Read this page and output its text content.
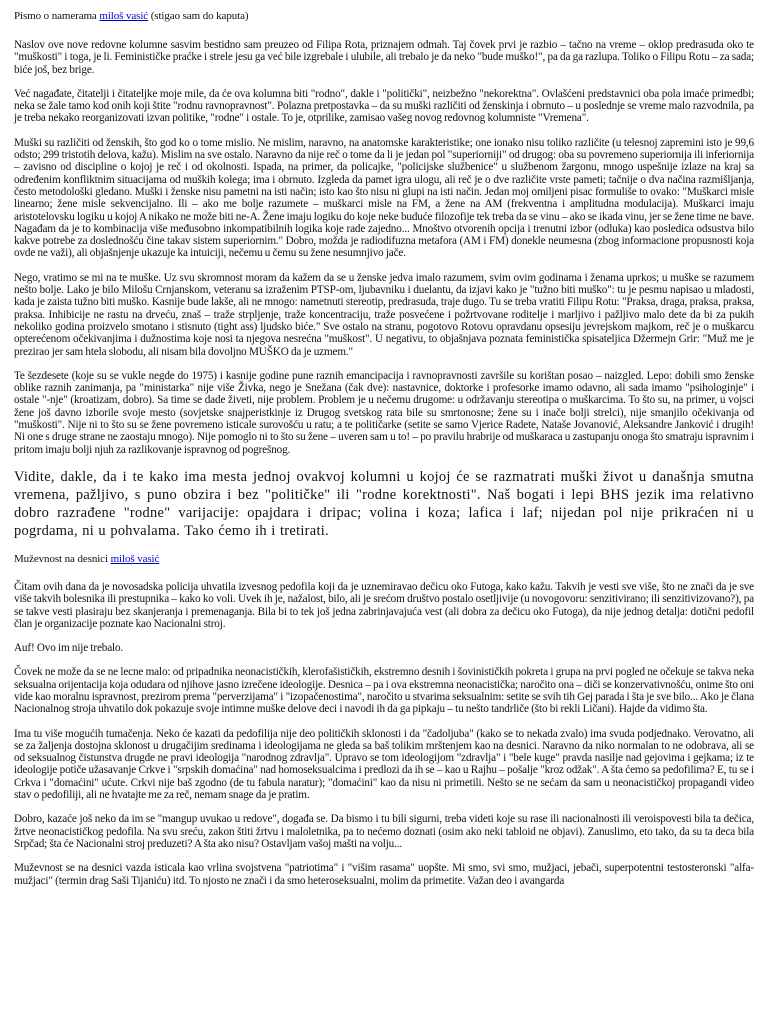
Pismo o namerama miloš vasić (stigao sam do kaputa)

Naslov ove nove redovne kolumne sasvim bestidno sam preuzeo od Filipa Rota, priznajem odmah. Taj čovek prvi je razbio – tačno na vreme – oklop predrasuda oko te "muškosti" i toga, je li. Feminističke praćke i strele jesu ga već bile izgrebale i ulubile, ali trebalo je da neko "bude muško!", pa da ga razlupa. Toliko o Filipu Rotu – za sada; biće još, bez brige.

Već nagađate, čitatelji i čitateljke moje mile, da će ova kolumna biti "rodno", dakle i "politički", neizbežno "nekorektna". Ovlašćeni predstavnici oba pola imaće primedbi; neka se žale tamo kod onih koji štite "rodnu ravnopravnost". Polazna pretpostavka – da su muški različiti od ženskinja i obrnuto – u poslednje se vreme malo razvodnila, pa je treba nekako reorganizovati izvan politike, "rodne" i ostale. To je, otprilike, zamisao vašeg novog redovnog kolumniste "Vremena".

Muški su različiti od ženskih, što god ko o tome mislio. Ne mislim, naravno, na anatomske karakteristike; one ionako nisu toliko različite (u telesnoj zapremini isto je 99,6 odsto; 299 tristotih delova, kažu). Mislim na sve ostalo. Naravno da nije reč o tome da li je jedan pol "superiorniji" od drugog: oba su povremeno superiornija ili inferiornija – zavisno od discipline o kojoj je reč i od okolnosti. Ispada, na primer, da policajke, "policijske službenice" u službenom žargonu, mnogo uspešnije izlaze na kraj sa određenim konfliktnim situacijama od muških kolega; ima i obrnuto. Izgleda da pamet igra ulogu, ali reč je o dve različite vrste pameti; tačnije o dva načina razmišljanja, često metodološki gledano. Muški i ženske nisu pametni na isti način; isto kao što nisu ni glupi na isti način. Jedan moj omiljeni pisac formuliše to ovako: "Muškarci misle linearno; žene misle sekvencijalno. Ili – ako me bolje razumete – muškarci misle na FM, a žene na AM (frekventna i amplitudna modulacija). Muškarci imaju aristotelovsku logiku u kojoj A nikako ne može biti ne-A. Žene imaju logiku do koje neke buduće filozofije tek treba da se vinu – ako se ikada vinu, jer se žene time ne bave. Nagađam da je to kombinacija više međusobno inkompatibilnih logika koje rade zajedno... Mnoštvo otvorenih opcija i trenutni izbor (odluka) kao posledica odsustva bilo kakve potrebe za doslednošću čine takav sistem superiornim." Dobro, možda je radiodifuzna metafora (AM i FM) donekle neumesna (zbog informacione propusnosti koja ovde ne važi), ali objašnjenje ukazuje ka intuiciji, nečemu u čemu su žene nesumnjivo jače.

Nego, vratimo se mi na te muške. Uz svu skromnost moram da kažem da se u ženske jedva imalo razumem, svim ovim godinama i ženama uprkos; u muške se razumem nešto bolje. Lako je bilo Milošu Crnjanskom, veteranu sa izraženim PTSP-om, ljubavniku i duelantu, da izjavi kako je "tužno biti muško": tu je pesmu napisao u mladosti, kada je zaista tužno biti muško. Kasnije bude lakše, ali ne mnogo: nametnuti stereotip, predrasuda, traje dugo. Tu se treba vratiti Filipu Rotu: "Praksa, draga, praksa, praksa, praksa. Inhibicije ne rastu na drveću, znaš – traže strpljenje, traže koncentraciju, traže posvećene i požrtvovane roditelje i marljivo i pažljivo malo dete da bi za pukih nekoliko godina proizvelo smotano i stisnuto (tight ass) ljudsko biće." Sve ostalo na stranu, pogotovo Rotovu opravdanu opsesiju jevrejskom majkom, reč je o muškarcu opterećenom očekivanjima i dužnostima koje nosi ta njegova nesrećna "muškost". U negativu, to objašnjava poznata feministička spisateljica Džermejn Grir: "Muž me je prezirao jer sam htela slobodu, ali nisam bila dovoljno MUŠKO da je uzmem."

Te šezdesete (koje su se vukle negde do 1975) i kasnije godine pune raznih emancipacija i ravnopravnosti završile su korištan posao – naizgled. Lepo: dobili smo ženske oblike raznih zanimanja, pa "ministarka" nije više Živka, nego je Snežana (čak dve): nastavnice, doktorke i profesorke imamo odavno, ali sada imamo "psihologinje" i ostale "-nje" (kroatizam, dobro). Sa time se dade živeti, nije problem. Problem je u nečemu drugome: u održavanju stereotipa o muškarcima. To što su, na primer, u vojsci žene još davno izborile svoje mesto (sovjetske snajperistkinje iz Drugog svetskog rata bile su smrtonosne; žene su i inače bolji strelci), nije smanjilo očekivanja od "muškosti". Nije ni to što su se žene povremeno isticale surovošću u ratu; a te političarke (setite se samo Vjerice Radete, Nataše Jovanović, Aleksandre Janković i drugih! Ni one s druge strane ne zaostaju mnogo). Nije pomoglo ni to što su žene – uveren sam u to! – po pravilu hrabrije od muškaraca u zastupanju onoga što smatraju ispravnim i pritom imaju bolji njuh za razlikovanje ispravnog od pogrešnog.

Vidite, dakle, da i te kako ima mesta jednoj ovakvoj kolumni u kojoj će se razmatrati muški život u današnja smutna vremena, pažljivo, s puno obzira i bez "političke" ili "rodne korektnosti". Naš bogati i lepi BHS jezik ima relativno dobro razrađene "rodne" varijacije: opajdara i dripac; volina i koza; lafica i laf; nijedan pol nije prikraćen ni u pogrdama, ni u pohvalama. Tako ćemo ih i tretirati.

Muževnost na desnici miloš vasić

Čitam ovih dana da je novosadska policija uhvatila izvesnog pedofila koji da je uznemiravao dečicu oko Futoga, kako kažu. Takvih je vesti sve više, što ne znači da je sve više takvih bolesnika ili prestupnika – kako ko voli. Uvek ih je, nažalost, bilo, ali je srećom društvo postalo osetljivije (u novogovoru: senzitivirano; ili senzitivizovano?), pa se takve vesti plasiraju bez skanjeranja i premenaganja. Bila bi to tek još jedna zabrinjavajuća vest (ali dobra za dečicu oko Futoga), da nije jednog detalja: dotični pedofil član je organizacije poznate kao Nacionalni stroj.

Auf! Ovo im nije trebalo.

Čovek ne može da se ne lecne malo: od pripadnika neonacističkih, klerofašističkih, ekstremno desnih i šovinističkih pokreta i grupa na prvi pogled ne očekuje se takva neka seksualna orijentacija koja odudara od njihove jasno izrečene ideologije. Desnica – pa i ova ekstremna neonacistička; naročito ona – diči se konzervativnošću, onime što oni vide kao moralnu ispravnost, prezirom prema "perverzijama" i "izopačenostima", naročito u stvarima seksualnim: setite se svih tih Gej parada i šta je sve bilo... Ako je člana Nacionalnog stroja uhvatilo dok pokazuje svoje intimne muške delove deci i navodi ih da ga pipkaju – tu nešto tandrliče (što bi rekli Ličani). Hajde da vidimo šta.

Ima tu više mogućih tumačenja. Neko će kazati da pedofilija nije deo političkih sklonosti i da "čadoljuba" (kako se to nekada zvalo) ima svuda podjednako. Verovatno, ali se za žaljenja dostojna sklonost u drugačijim sredinama i ideologijama ne gleda sa baš tolikim mrštenjem kao na desnici. Naravno da niko normalan to ne odobrava, ali se od seksualnog čistunstva drugde ne pravi ideologija "narodnog zdravlja". Upravo se tom ideologijom "zdravlja" i "bele kuge" pravda nasilje nad gejovima i gejkama; iz te ideologije potiče užasavanje Crkve i "srpskih domaćina" nad homoseksualcima i predlozi da ih se – kao u Rajhu – pošalje "kroz odžak". A šta ćemo sa pedofilima? E, tu se i Crkva i "domaćini" ućute. Crkvi nije baš zgodno (de tu fabula naratur); "domaćini" kao da nisu ni primetili. Nešto se ne sećam da sam u neonacističkoj propagandi video stav o pedofiliji, ali ne hvatajte me za reč, nemam snage da je pratim.

Dobro, kazaće još neko da im se "mangup uvukao u redove", događa se. Da bismo i tu bili sigurni, treba videti koje su rase ili nacionalnosti ili veroispovesti bila ta dečica, žrtve neonacističkog pedofila. Na svu sreću, zakon štiti žrtvu i maloletnika, pa to nećemo doznati (osim ako neki tabloid ne objavi). Zanuslimo, eto tako, da su ta deca bila Srpčad; šta će Nacionalni stroj preduzeti? A šta ako nisu? Ostavljam vašoj mašti na volju...

Muževnost se na desnici vazda isticala kao vrlina svojstvena "patriotima" i "višim rasama" uopšte. Mi smo, svi smo, mužjaci, jebači, superpotentni testosteronski "alfa-mužjaci" (termin drag Saši Tijaniću) itd. To njosto ne znači i da smo heteroseksualni, molim da primetite. Važan deo i avangarda
